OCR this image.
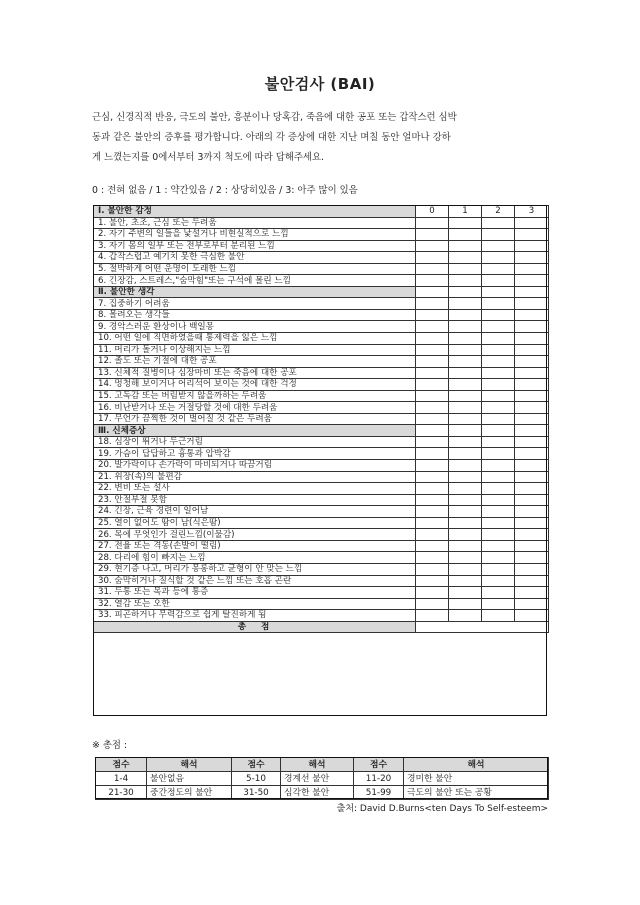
불안검사 (BAI)
근심, 신경직적 반응, 극도의 불안, 흥분이나 당혹감, 죽음에 대한 공포 또는 갑작스런 심박
동과 같은 불안의 증후를 평가합니다. 아래의 각 증상에 대한 지난 며칠 동안 얼마나 강하
게 느꼈는지를 0에서부터 3까지 척도에 따라 답해주세요.
0 : 전혀 없음 / 1 : 약간있음 / 2 : 상당히있음 / 3: 아주 많이 있음
Ⅰ. 불안한 감정	0	1	2	3
1. 불안, 초조, 근심 또는 두려움				
2. 자기 주변의 일들을 낯설거나 비현실적으로 느낌				
3. 자기 몸의 일부 또는 전부로부터 분리된 느낌				
4. 갑작스럽고 예기치 못한 극심한 불안				
5. 절박하게 어떤 운명이 도래한 느낌				
6. 긴장감, 스트레스,"숨막힘"또는 구석에 몰린 느낌				
Ⅱ. 불안한 생각				
7. 집중하기 어려움				
8. 몰려오는 생각들				
9. 경악스러운 환상이나 백일몽				
10. 어떤 일에 직면하였을때 통제력을 잃은 느낌				
11. 머리가 돌거나 이상해지는 느낌				
12. 졸도 또는 기절에 대한 공포				
13. 신체적 질병이나 심장마비 또는 죽음에 대한 공포				
14. 멍청해 보이거나 어리석어 보이는 것에 대한 걱정				
15. 고독감 또는 버림받지 않을까하는 두려움				
16. 비난받거나 또는 거절당할 것에 대한 두려움				
17. 무언가 끔찍한 것이 벌어질 것 같은 두려움				
Ⅲ. 신체증상				
18. 심장이 뛰거나 두근거림				
19. 가슴이 답답하고 흉통과 압박감				
20. 발가락이나 손가락이 마비되거나 따끔거림				
21. 위장(속)의 불편감				
22. 변비 또는 설사				
23. 안절부절 못함				
24. 긴장, 근육 경련이 일어남				
25. 열이 없어도 땀이 남(식은땀)				
26. 목에 무엇인가 걸린느낌(이물감)				
27. 전율 또는 격동(손발이 떨림)				
28. 다리에 힘이 빠지는 느낌				
29. 현기증 나고, 머리가 몽롱하고 균형이 안 맞는 느낌				
30. 숨막히거나 질식할 것 같은 느낌 또는 호흡 곤란				
31. 두통 또는 목과 등에 통증				
32. 열감 또는 오한				
33. 피곤하거나 무력감으로 쉽게 탈진하게 됨				
총 점				
※ 총점 :
점수	해석	점수	해석	점수	해석
1-4	불안없음	5-10	경계선 불안	11-20	경미한 불안
21-30	중간정도의 불안	31-50	심각한 불안	51-99	극도의 불안 또는 공황
출처: David D.Burns<ten Days To Self-esteem>
